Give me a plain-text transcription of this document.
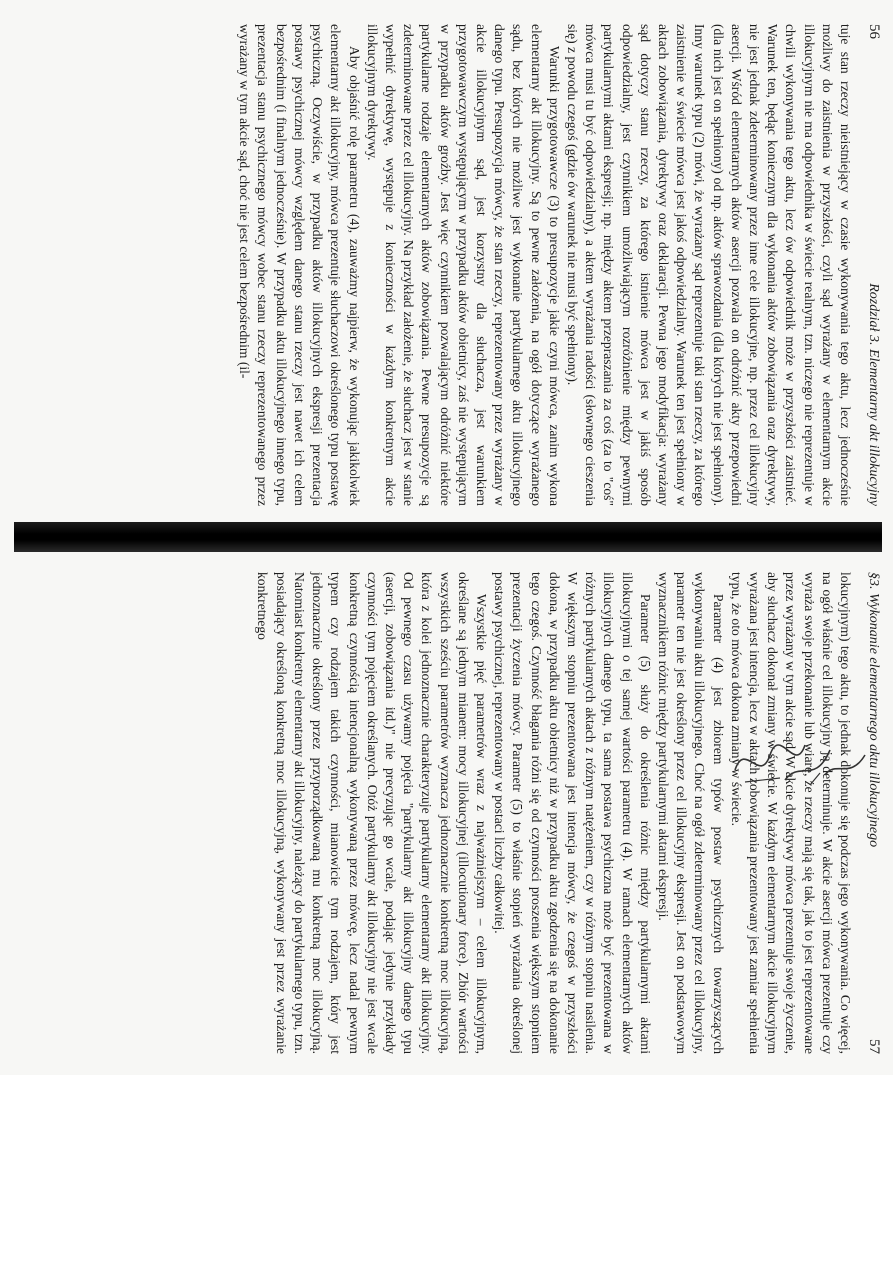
56
Rozdział 3. Elementarny akt illokucyjny

tuje stan rzeczy nieistniejący w czasie wykonywania tego aktu, lecz jednocześnie możliwy do zaistnienia w przyszłości, czyli sąd wyrażany w elementarnym akcie illokucyjnym nie ma odpowiednika w świecie realnym, tzn. niczego nie reprezentuje w chwili wykonywania tego aktu, lecz ów odpowiednik może w przyszłości zaistnieć. Warunek ten, będąc koniecznym dla wykonania aktów zobowiązania oraz dyrektywy, nie jest jednak zdeterminowany przez inne cele illokucyjne, np. przez cel illokucyjny asercji. Wśród elementarnych aktów asercji pozwala on odróżnić akty przepowiedni (dla nich jest on spełniony) od np. aktów sprawozdania (dla których nie jest spełniony). Inny warunek typu (2) mówi, że wyrażany sąd reprezentuje taki stan rzeczy, za którego zaistnienie w świecie mówca jest jakoś odpowiedzialny. Warunek ten jest spełniony w aktach zobowiązania, dyrektywy oraz deklaracji. Pewna jego modyfikacja: wyrażany sąd dotyczy stanu rzeczy, za którego istnienie mówca jest w jakiś sposób odpowiedzialny, jest czynnikiem umożliwiającym rozróżnienie między pewnymi partykularnymi aktami ekspresji; np. między aktem przepraszania za coś (za to "coś" mówca musi tu być odpowiedzialny), a aktem wyrażania radości (słownego cieszenia się) z powodu czegoś (gdzie ów warunek nie musi być spełniony).

Warunki przygotowawcze (3) to presupozycje jakie czyni mówca, zanim wykona elementarny akt illokucyjny. Są to pewne założenia, na ogół dotyczące wyrażanego sądu, bez których nie możliwe jest wykonanie partykularnego aktu illokucyjnego danego typu. Presupozycja mówcy, że stan rzeczy, reprezentowany przez wyrażany w akcie illokucyjnym sąd, jest korzystny dla słuchacza, jest warunkiem przygotowawczym występującym w przypadku aktów obietnicy, zaś nie występującym w przypadku aktów groźby. Jest więc czynnikiem pozwalającym odróżnić niektóre partykularne rodzaje elementarnych aktów zobowiązania. Pewne presupozycje są zdeterminowane przez cel illokucyjny. Na przykład założenie, że słuchacz jest w stanie wypełnić dyrektywę, występuje z konieczności w każdym konkretnym akcie illokucyjnym dyrektywy.

Aby objaśnić rolę parametru (4), zauważmy najpierw, że wykonując jakikolwiek elementarny akt illokucyjny, mówca prezentuje słuchaczowi określonego typu postawę psychiczną. Oczywiście, w przypadku aktów illokucyjnych ekspresji prezentacja postawy psychicznej mówcy względem danego stanu rzeczy jest nawet ich celem bezpośrednim (i finalnym jednocześnie). W przypadku aktu illokucyjnego innego typu, prezentacja stanu psychicznego mówcy wobec stanu rzeczy reprezentowanego przez wyrażany w tym akcie sąd, choć nie jest celem bezpośrednim (il-

§3. Wykonanie elementarnego aktu illokucyjnego
57

lokucyjnym) tego aktu, to jednak dokonuje się podczas jego wykonywania. Co więcej, na ogół właśnie cel illokucyjny ją determinuje. W akcie asercji mówca prezentuje czy wyraża swoje przekonanie lub wiarę, że rzeczy mają się tak, jak to jest reprezentowane przez wyrażany w tym akcie sąd. W akcie dyrektywy mówca prezentuje swoje życzenie, aby słuchacz dokonał zmiany w świecie. W każdym elementarnym akcie illokucyjnym wyrażana jest intencja, lecz w aktach zobowiązania prezentowany jest zamiar spełnienia typu, że oto mówca dokona zmiany w świecie.

Parametr (4) jest zbiorem typów postaw psychicznych towarzyszących wykonywaniu aktu illokucyjnego. Choć na ogół zdeterminowany przez cel illokucyjny, parametr ten nie jest określony przez cel illokucyjny ekspresji. Jest on podstawowym wyznacznikiem różnic między partykularnymi aktami ekspresji.

Parametr (5) służy do określenia różnic między partykularnymi aktami illokucyjnymi o tej samej wartości parametru (4). W ramach elementarnych aktów illokucyjnych danego typu, ta sama postawa psychiczna może być prezentowana w różnych partykularnych aktach z różnym natężeniem, czy w różnym stopniu nasilenia. W większym stopniu prezentowana jest intencja mówcy, że czegoś w przyszłości dokona, w przypadku aktu obietnicy niż w przypadku aktu zgodzenia się na dokonanie tego czegoś. Czynność błagania różni się od czynności proszenia większym stopniem prezentacji życzenia mówcy. Parametr (5) to właśnie stopień wyrażania określonej postawy psychicznej, reprezentowany w postaci liczby całkowitej.

Wszystkie pięć parametrów wraz z najważniejszym – celem illokucyjnym, określane są jednym mianem: mocy illokucyjnej (illocutionary force). Zbiór wartości wszystkich sześciu parametrów wyznacza jednoznacznie konkretną moc illokucyjną, która z kolei jednoznacznie charakteryzuje partykularny elementarny akt illokucyjny. Od pewnego czasu używamy pojęcia "partykularny akt illokucyjny danego typu (asercji, zobowiązania itd.)" nie precyzując go wcale, podając jedynie przykłady czynności tym pojęciem określanych. Otóż partykularny akt illokucyjny nie jest wcale konkretną czynnością intencjonalną wykonywaną przez mówcę, lecz nadal pewnym typem czy rodzajem takich czynności, mianowicie tym rodzajem, który jest jednoznacznie określony przez przyporządkowaną mu konkretną moc illokucyjną. Natomiast konkretny elementarny akt illokucyjny, należący do partykularnego typu, tzn. posiadający określoną konkretną moc illokucyjną, wykonywany jest przez wyrażanie konkretnego
